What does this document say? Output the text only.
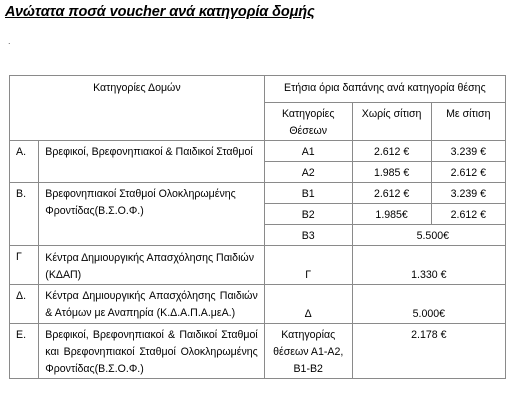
Ανώτατα ποσά voucher ανά κατηγορία δομής
.
Κατηγορίες Δομών		Ετήσια όρια δαπάνης ανά κατηγορία θέσης		
		Κατηγορίες Θέσεων	Χωρίς σίτιση	Με σίτιση
Α.	Βρεφικοί, Βρεφονηπιακοί & Παιδικοί Σταθμοί	Α1	2.612 €	3.239 €
		Α2	1.985 €	2.612 €
Β.	Βρεφονηπιακοί Σταθμοί Ολοκληρωμένης Φροντίδας(Β.Σ.Ο.Φ.)	Β1	2.612 €	3.239 €
		Β2	1.985€	2.612 €
		Β3	5.500€	
Γ	Κέντρα Δημιουργικής Απασχόλησης Παιδιών (ΚΔΑΠ)	Γ	1.330 €	
Δ.	Κέντρα Δημιουργικής Απασχόλησης Παιδιών & Ατόμων με Αναπηρία (Κ.Δ.Α.Π.Α.μεΑ.)	Δ	5.000€	
Ε.	Βρεφικοί, Βρεφονηπιακοί & Παιδικοί Σταθμοί και Βρεφονηπιακοί Σταθμοί Ολοκληρωμένης Φροντίδας(Β.Σ.Ο.Φ.)	Κατηγορίας θέσεων Α1-Α2, Β1-Β2	2.178 €	
